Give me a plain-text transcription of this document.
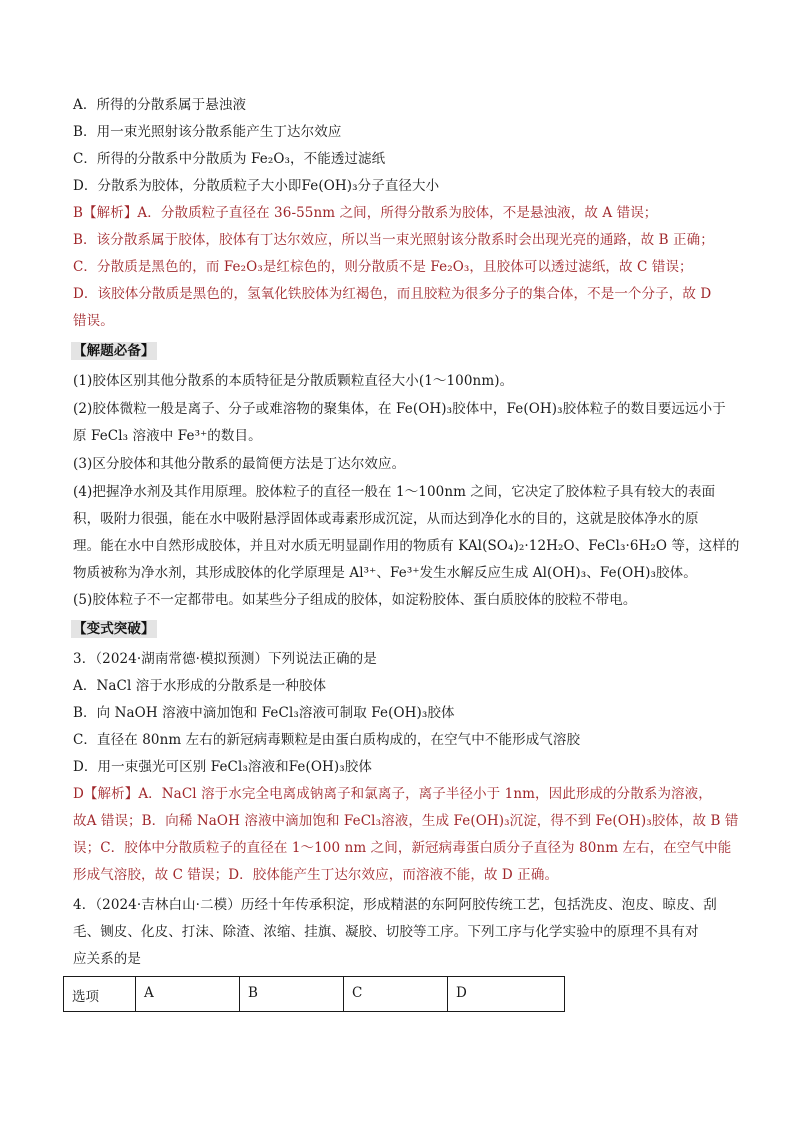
A．所得的分散系属于悬浊液
B．用一束光照射该分散系能产生丁达尔效应
C．所得的分散系中分散质为 Fe₂O₃，不能透过滤纸
D．分散系为胶体，分散质粒子大小即Fe(OH)₃分子直径大小
B【解析】A．分散质粒子直径在 36-55nm 之间，所得分散系为胶体，不是悬浊液，故 A 错误；
B．该分散系属于胶体，胶体有丁达尔效应，所以当一束光照射该分散系时会出现光亮的通路，故 B 正确；
C．分散质是黑色的，而 Fe₂O₃是红棕色的，则分散质不是 Fe₂O₃，且胶体可以透过滤纸，故 C 错误；
D．该胶体分散质是黑色的，氢氧化铁胶体为红褐色，而且胶粒为很多分子的集合体，不是一个分子，故 D
错误。
【解题必备】
(1)胶体区别其他分散系的本质特征是分散质颗粒直径大小(1～100nm)。
(2)胶体微粒一般是离子、分子或难溶物的聚集体，在 Fe(OH)₃胶体中，Fe(OH)₃胶体粒子的数目要远远小于
原 FeCl₃ 溶液中 Fe³⁺的数目。
(3)区分胶体和其他分散系的最简便方法是丁达尔效应。
(4)把握净水剂及其作用原理。胶体粒子的直径一般在 1～100nm 之间，它决定了胶体粒子具有较大的表面
积，吸附力很强，能在水中吸附悬浮固体或毒素形成沉淀，从而达到净化水的目的，这就是胶体净水的原
理。能在水中自然形成胶体，并且对水质无明显副作用的物质有 KAl(SO₄)₂·12H₂O、FeCl₃·6H₂O 等，这样的
物质被称为净水剂，其形成胶体的化学原理是 Al³⁺、Fe³⁺发生水解反应生成 Al(OH)₃、Fe(OH)₃胶体。
(5)胶体粒子不一定都带电。如某些分子组成的胶体，如淀粉胶体、蛋白质胶体的胶粒不带电。
【变式突破】
3．（2024·湖南常德·模拟预测）下列说法正确的是
A．NaCl 溶于水形成的分散系是一种胶体
B．向 NaOH 溶液中滴加饱和 FeCl₃溶液可制取 Fe(OH)₃胶体
C．直径在 80nm 左右的新冠病毒颗粒是由蛋白质构成的，在空气中不能形成气溶胶
D．用一束强光可区别 FeCl₃溶液和Fe(OH)₃胶体
D【解析】A．NaCl 溶于水完全电离成钠离子和氯离子，离子半径小于 1nm，因此形成的分散系为溶液，
故A 错误；B．向稀 NaOH 溶液中滴加饱和 FeCl₃溶液，生成 Fe(OH)₃沉淀，得不到 Fe(OH)₃胶体，故 B 错
误；C．胶体中分散质粒子的直径在 1～100 nm 之间，新冠病毒蛋白质分子直径为 80nm 左右，在空气中能
形成气溶胶，故 C 错误；D．胶体能产生丁达尔效应，而溶液不能，故 D 正确。
4．（2024·吉林白山·二模）历经十年传承积淀，形成精湛的东阿阿胶传统工艺，包括洗皮、泡皮、晾皮、刮
毛、铡皮、化皮、打沫、除渣、浓缩、挂旗、凝胶、切胶等工序。下列工序与化学实验中的原理不具有对
应关系的是
选项	A	B	C	D
